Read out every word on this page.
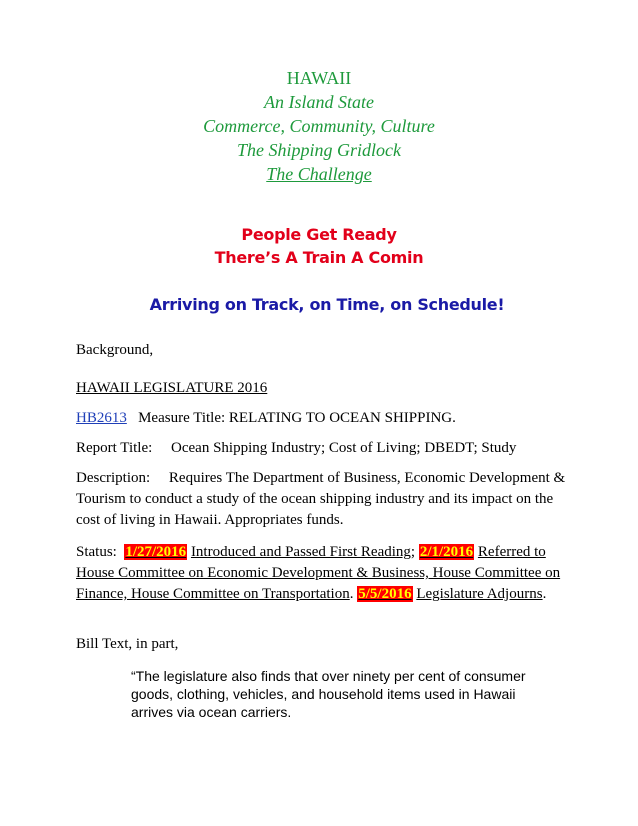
HAWAII
An Island State
Commerce, Community, Culture
The Shipping Gridlock
The Challenge
People Get Ready
There’s A Train A Comin
Arriving on Track, on Time, on Schedule!
Background,
HAWAII LEGISLATURE 2016
HB2613 Measure Title: RELATING TO OCEAN SHIPPING.
Report Title:     Ocean Shipping Industry; Cost of Living; DBEDT; Study
Description:     Requires The Department of Business, Economic Development &
Tourism to conduct a study of the ocean shipping industry and its impact on the
cost of living in Hawaii. Appropriates funds.
Status: 1/27/2016 Introduced and Passed First Reading; 2/1/2016 Referred to
House Committee on Economic Development & Business, House Committee on
Finance, House Committee on Transportation. 5/5/2016 Legislature Adjourns.
Bill Text, in part,
“The legislature also finds that over ninety per cent of consumer
goods, clothing, vehicles, and household items used in Hawaii
arrives via ocean carriers.
